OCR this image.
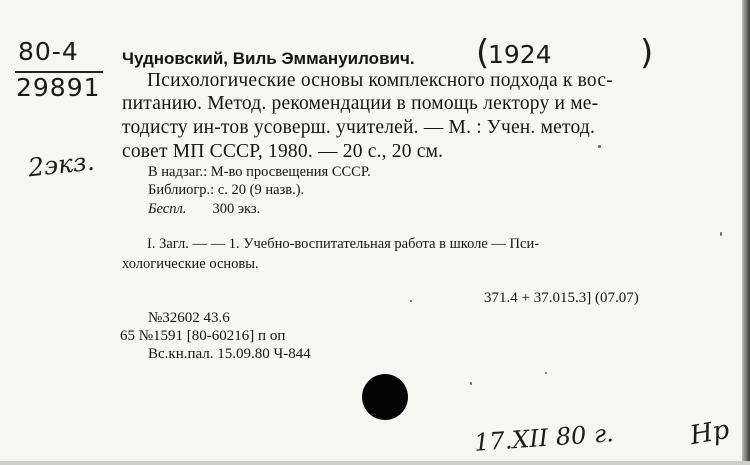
80-4
29891
2экз.
Чудновский, Виль Эммануилович. (
1924	)
Психологические основы комплексного подхода к вос-
питанию. Метод. рекомендации в помощь лектору и ме-
тодисту ин-тов усоверш. учителей. — М. : Учен. метод.
совет МП СССР, 1980. — 20 с., 20 см.
В надзаг.: М-во просвещения СССР.
Библиогр.: с. 20 (9 назв.).
Беспл. 300 экз.
I. Загл. — — 1. Учебно-воспитательная работа в школе — Пси-
хологические основы.
371.4 + 37.015.3] (07.07)
№32602 43.6
65 №1591 [80-60216] п оп
Вс.кн.пал. 15.09.80 Ч-844
17.XII 80 г.	Hр
